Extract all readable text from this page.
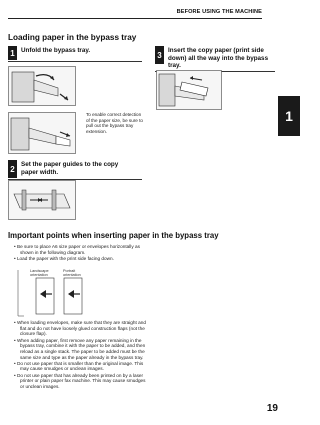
BEFORE USING THE MACHINE
1
Loading paper in the bypass tray
1 Unfold the bypass tray.
To enable correct detection of the paper size, be sure to pull out the bypass tray extension.
2 Set the paper guides to the copy paper width.
3 Insert the copy paper (print side down) all the way into the bypass tray.
Important points when inserting paper in the bypass tray
• Be sure to place A6 size paper or envelopes horizontally as shown in the following diagram.
• Load the paper with the print side facing down.
Landscape orientation
Portrait orientation
• When loading envelopes, make sure that they are straight and flat and do not have loosely glued construction flaps (not the closure flap).
• When adding paper, first remove any paper remaining in the bypass tray, combine it with the paper to be added, and then reload as a single stack. The paper to be added must be the same size and type as the paper already in the bypass tray.
• Do not use paper that is smaller than the original image. This may cause smudges or unclean images.
• Do not use paper that has already been printed on by a laser printer or plain paper fax machine. This may cause smudges or unclean images.
19
